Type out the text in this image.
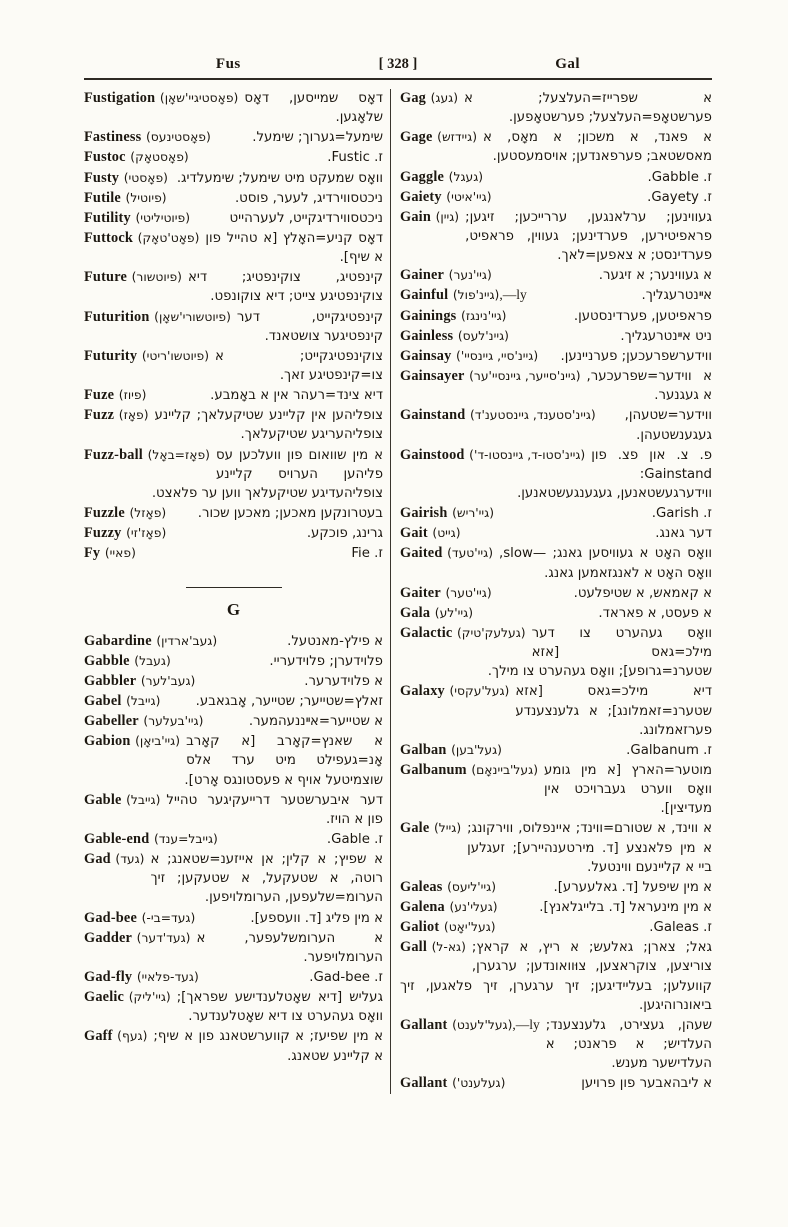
Fus	[ 328 ]	Gal
Fustigation (פאָסטיגיי'שאָן) דאָס שמייסען, דאָס שלאָגען.
Fastiness (פאָסטינעס)	שימעל=גערוך; שימעל.
Fustoc (פאָסטאָק)	ז. Fustic.
Fusty (פאָסטי) וואָס שמעקט מיט שימעל; שימעלדיג.
Futile (פיוטיל)	ניכטסווירדיג, לעער, פוסט.
Futility (פיוטיליטי)	ניכטסווירדיגקייט, לעערהייט
Futtock (פאָט'טאָק) דאָס קניע=האָלץ [א טהייל פון א שיף].
Future (פיוטשור) קינפטיג, צוקינפטיג; דיא צוקינפטיגע צייט; דיא צוקונפט.
Futurition (פיוטשורי'שאָן) קינפטיגקייט, דער קינפטיגער צושטאנד.
Futurity (פיוטשו'ריטי) צוקינפטיגקייט; א צו=קינפטיגע זאך.
Fuze (פיוז)	דיא צינד=רעהר אין א באָמבע.
Fuzz (פאָז) צופליהען אין קליינע שטיקעלאך; קליינע צופליהעריגע שטיקעלאך.
Fuzz-ball (פאָז=באָל) א מין שוואום פון וועלכען עס פליהען הערויס קליינע צופליהעדיגע שטיקעלאך ווען ער פלאצט.
Fuzzle (פאָזל)	בעטרונקען מאכען; מאכען שכור.
Fuzzy (פאָז'זי)	גרינג, פוכקע.
Fy (פאיי)	ז. Fie
G
Gabardine (געב'ארדין)	א פילץ-מאנטעל.
Gabble (געבל)	פלוידערן; פלוידעריי.
Gabbler (געב'לער)	א פלוידערער.
Gabel (גייבל)	זאלץ=שטייער; שטייער, אָבגאבע.
Gabeller (גיי'בעלער)	א שטייער=אײננעהמער.
Gabion (גיי'ביאָן) א שאנץ=קאָרב [א קאָרב אָנ=געפילט מיט ערד אלס שוצמיטעל אויף א פעסטונגס אָרט].
Gable (גייבל) דער איבערשטער דרייעקיגער טהייל פון א הויז.
Gable-end (גייבל=ענד)	ז. Gable.
Gad (געד) א שפיץ; א קלין; אן אייזענ=שטאנג; א רוטה, א שטעקעל, א שטעקען; זיך הערומ=שלעפען, הערומלויפען.
Gad-bee (געד=בי-)	א מין פליג [ד. וועספע].
Gadder (געד'דער) א הערומשלעפער, א הערומלויפער.
Gad-fly (געד-פלאיי)	ז. Gad-bee.
Gaelic (גיי'ליק) געליש [דיא שאָטלענדישע שפראך]; וואָס געהערט צו דיא שאָטלענדער.
Gaff (געף) א מין שפיעז; א קווערשטאנג פון א שיף; א קליינע שטאנג.
Gag (געג) א שפרייז=העלצעל; א פערשטאָפ=העלצעל; פערשטאָפען.
Gage (גיידזש) א פאנד, א משכון; א מאָס, א מאסשטאב; פערפאנדען; אויסמעסטען.
Gaggle (געגל)	ז. Gabble.
Gaiety (גיי'איטי)	ז. Gayety.
Gain (גיין) געווינען; ערלאנגען, עררייכען; זיגען; פראפיטירען, פערדינען; געווין, פראפיט, פערדינסט; א צאפען=לאך.
Gainer (גיי'נער)	א געווינער; א זיגער.
Gainful (גיינ'פול),—ly	אײנטרעגליך.
Gainings (גיי'נינגז)	פראפיטען, פערדינסטען.
Gainless (גיינ'לעס)	ניט אײנטרעגליך.
Gainsay (גיינ'סיי, גיינסיי')	ווידערשפרעכען; פערניינען.
Gainsayer (גיינ'סייער, גיינסיי'ער) א ווידער=שפרעכער, א געגנער.
Gainstand (גיינ'סטענד, גיינסטענ'ד)	ווידער=שטעהן, געגענשטעהן.
Gainstood (גיינ'סטו-ד, גיינסטו-ד') פ. צ. און פצ. פון Gainstand: ווידערגעשטאנען, געגענגעשטאנען.
Gairish (גיי'ריש)	ז. Garish.
Gait (גייט)	דער גאנג.
Gaited (גיי'טעד) וואָס האָט א געוויסען גאנג; —slow, וואָס האָט א לאנגזאמען גאנג.
Gaiter (גיי'טער)	א קאמאש, א שטיפלעט.
Gala (גיי'לע)	א פעסט, א פאראד.
Galactic (געלעק'טיק) וואָס געהערט צו דער מילכ=גאס [אזא שטערנ=גרופע]; וואָס געהערט צו מילך.
Galaxy (געל'עקסי) דיא מילכ=גאס [אזא שטערנ=זאמלונג]; א גלענצענדע פערזאמלונג.
Galban (געל'בען)	ז. Galbanum.
Galbanum (געל'ביינאָם) מוטער=הארץ [א מין גומע וואָס ווערט געברויכט אין מעדיצין].
Gale (גייל) א ווינד, א שטורם=ווינד; איינפלוס, ווירקונג; א מין פלאנצע [ד. מירטענהיירע]; זעגלען ביי א קליינעם ווינטעל.
Galeas (גיי'ליעס)	א מין שיפעל [ד. גאלעערע].
Galena (געלי'נע)	א מין מינעראל [ד. בלייגלאנץ].
Galiot (געל'יאָט)	ז. Galeas.
Gall (גא-ל) גאל; צארן; גאלעש; א ריץ, א קראץ; צוריצען, צוקראצען, צוּוואונדען; ערגערן, קוועלען; בעליידיגען; זיך ערגערן, זיך פלאגען, זיך ביאונרוהיגען.
Gallant (געל'לענט),—ly שעהן, געצירט, גלענצענד; העלדיש; א פראנט; א העלדישער מענש.
Gallant (געלענט')	א ליבהאבער פון פרויען
